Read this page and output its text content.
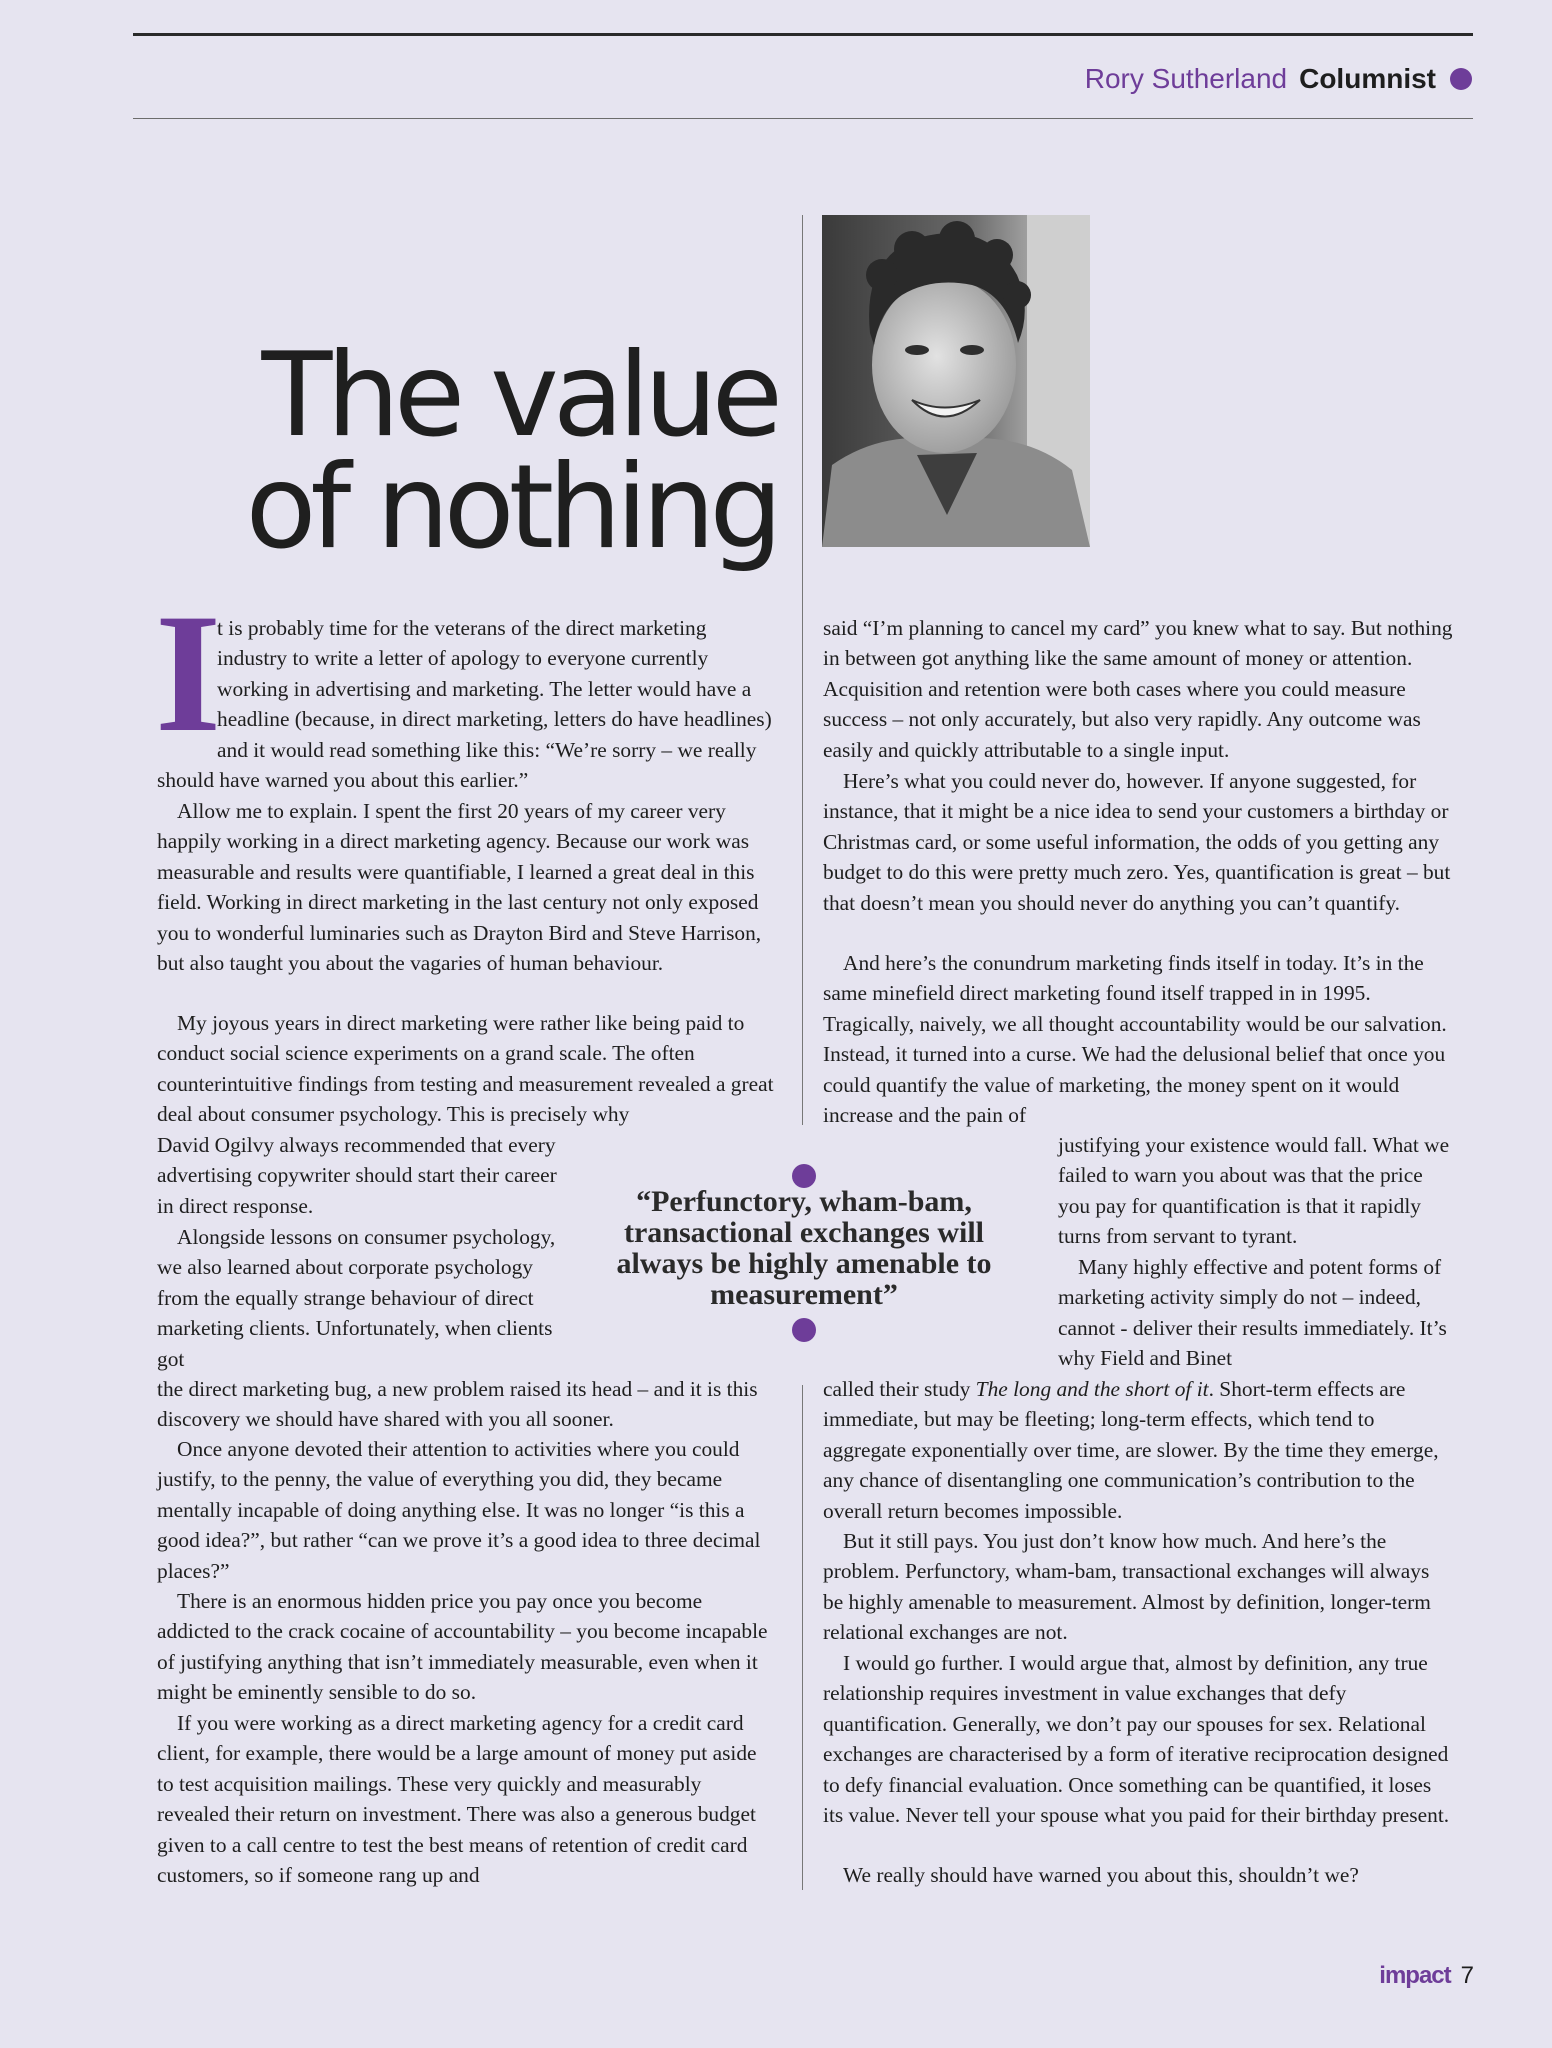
Rory Sutherland Columnist
The value
of nothing

I
t is probably time for the veterans of the direct marketing industry to write a letter of apology to everyone currently working in advertising and marketing. The letter would have a headline (because, in direct marketing, letters do have headlines) and it would read something like this: “We’re sorry – we really should have warned you about this earlier.”

Allow me to explain. I spent the first 20 years of my career very happily working in a direct marketing agency. Because our work was measurable and results were quantifiable, I learned a great deal in this field. Working in direct marketing in the last century not only exposed you to wonderful luminaries such as Drayton Bird and Steve Harrison, but also taught you about the vagaries of human behaviour.

My joyous years in direct marketing were rather like being paid to conduct social science experiments on a grand scale. The often counterintuitive findings from testing and measurement revealed a great deal about consumer psychology. This is precisely why

David Ogilvy always recommended that every advertising copywriter should start their career in direct response.

Alongside lessons on consumer psychology, we also learned about corporate psychology from the equally strange behaviour of direct marketing clients. Unfortunately, when clients got

the direct marketing bug, a new problem raised its head – and it is this discovery we should have shared with you all sooner.

Once anyone devoted their attention to activities where you could justify, to the penny, the value of everything you did, they became mentally incapable of doing anything else. It was no longer “is this a good idea?”, but rather “can we prove it’s a good idea to three decimal places?”

There is an enormous hidden price you pay once you become addicted to the crack cocaine of accountability – you become incapable of justifying anything that isn’t immediately measurable, even when it might be eminently sensible to do so.

If you were working as a direct marketing agency for a credit card client, for example, there would be a large amount of money put aside to test acquisition mailings. These very quickly and measurably revealed their return on investment. There was also a generous budget given to a call centre to test the best means of retention of credit card customers, so if someone rang up and

said “I’m planning to cancel my card” you knew what to say. But nothing in between got anything like the same amount of money or attention. Acquisition and retention were both cases where you could measure success – not only accurately, but also very rapidly. Any outcome was easily and quickly attributable to a single input.

Here’s what you could never do, however. If anyone suggested, for instance, that it might be a nice idea to send your customers a birthday or Christmas card, or some useful information, the odds of you getting any budget to do this were pretty much zero. Yes, quantification is great – but that doesn’t mean you should never do anything you can’t quantify.

And here’s the conundrum marketing finds itself in today. It’s in the same minefield direct marketing found itself trapped in in 1995. Tragically, naively, we all thought accountability would be our salvation. Instead, it turned into a curse. We had the delusional belief that once you could quantify the value of marketing, the money spent on it would increase and the pain of

justifying your existence would fall. What we failed to warn you about was that the price you pay for quantification is that it rapidly turns from servant to tyrant.

Many highly effective and potent forms of marketing activity simply do not – indeed, cannot - deliver their results immediately. It’s why Field and Binet

called their study The long and the short of it. Short-term effects are immediate, but may be fleeting; long-term effects, which tend to aggregate exponentially over time, are slower. By the time they emerge, any chance of disentangling one communication’s contribution to the overall return becomes impossible.

But it still pays. You just don’t know how much. And here’s the problem. Perfunctory, wham-bam, transactional exchanges will always be highly amenable to measurement. Almost by definition, longer-term relational exchanges are not.

I would go further. I would argue that, almost by definition, any true relationship requires investment in value exchanges that defy quantification. Generally, we don’t pay our spouses for sex. Relational exchanges are characterised by a form of iterative reciprocation designed to defy financial evaluation. Once something can be quantified, it loses its value. Never tell your spouse what you paid for their birthday present.

We really should have warned you about this, shouldn’t we?

“Perfunctory, wham-bam, transactional exchanges will always be highly amenable to measurement”

impact 7
